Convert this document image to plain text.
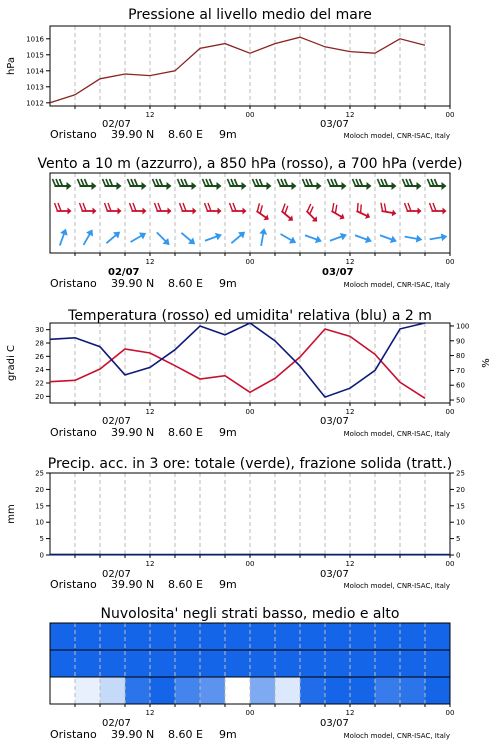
Pressione al livello medio del mare
1012
1013
1014
1015
1016
hPa
12	00	12	00
02/07	03/07
Oristano 39.90 N 8.60 E 9m	Moloch model, CNR-ISAC, Italy
Vento a 10 m (azzurro), a 850 hPa (rosso), a 700 hPa (verde)
12	00	12	00
02/07	03/07
Oristano 39.90 N 8.60 E 9m	Moloch model, CNR-ISAC, Italy
Temperatura (rosso) ed umidita' relativa (blu) a 2 m
20
22
24
26
28
30
50
60
70
80
90
100
gradi C	%
12	00	12	00
02/07	03/07
Oristano 39.90 N 8.60 E 9m	Moloch model, CNR-ISAC, Italy
Precip. acc. in 3 ore: totale (verde), frazione solida (tratt.)
0
5
10
15
20
25
0
5
10
15
20
25
mm
12	00	12	00
02/07	03/07
Oristano 39.90 N 8.60 E 9m	Moloch model, CNR-ISAC, Italy
Nuvolosita' negli strati basso, medio e alto
12	00	12	00
02/07	03/07
Oristano 39.90 N 8.60 E 9m	Moloch model, CNR-ISAC, Italy
